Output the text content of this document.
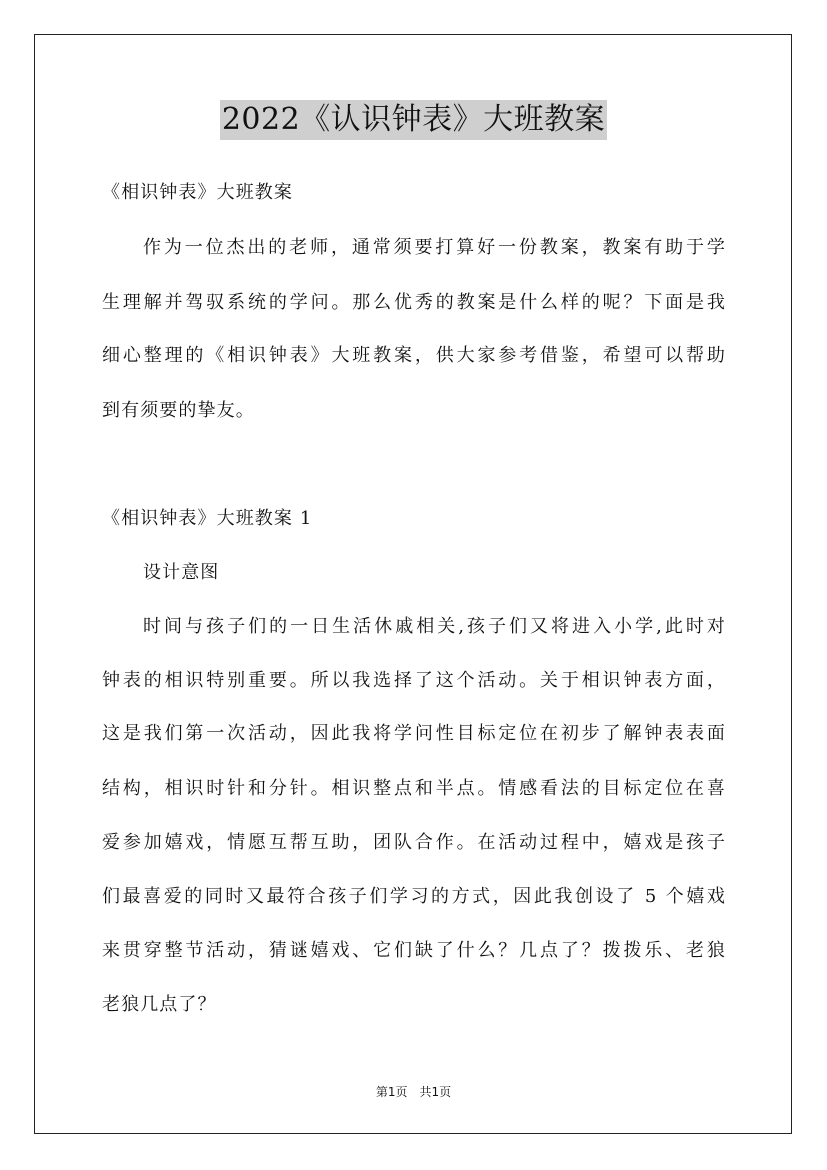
2022《认识钟表》大班教案
《相识钟表》大班教案
作为一位杰出的老师，通常须要打算好一份教案，教案有助于学
生理解并驾驭系统的学问。那么优秀的教案是什么样的呢？下面是我
细心整理的《相识钟表》大班教案，供大家参考借鉴，希望可以帮助
到有须要的挚友。
《相识钟表》大班教案 1
设计意图
时间与孩子们的一日生活休戚相关,孩子们又将进入小学,此时对
钟表的相识特别重要。所以我选择了这个活动。关于相识钟表方面，
这是我们第一次活动，因此我将学问性目标定位在初步了解钟表表面
结构，相识时针和分针。相识整点和半点。情感看法的目标定位在喜
爱参加嬉戏，情愿互帮互助，团队合作。在活动过程中，嬉戏是孩子
们最喜爱的同时又最符合孩子们学习的方式，因此我创设了 5 个嬉戏
来贯穿整节活动，猜谜嬉戏、它们缺了什么？几点了？拨拨乐、老狼
老狼几点了？
第1页　共1页
